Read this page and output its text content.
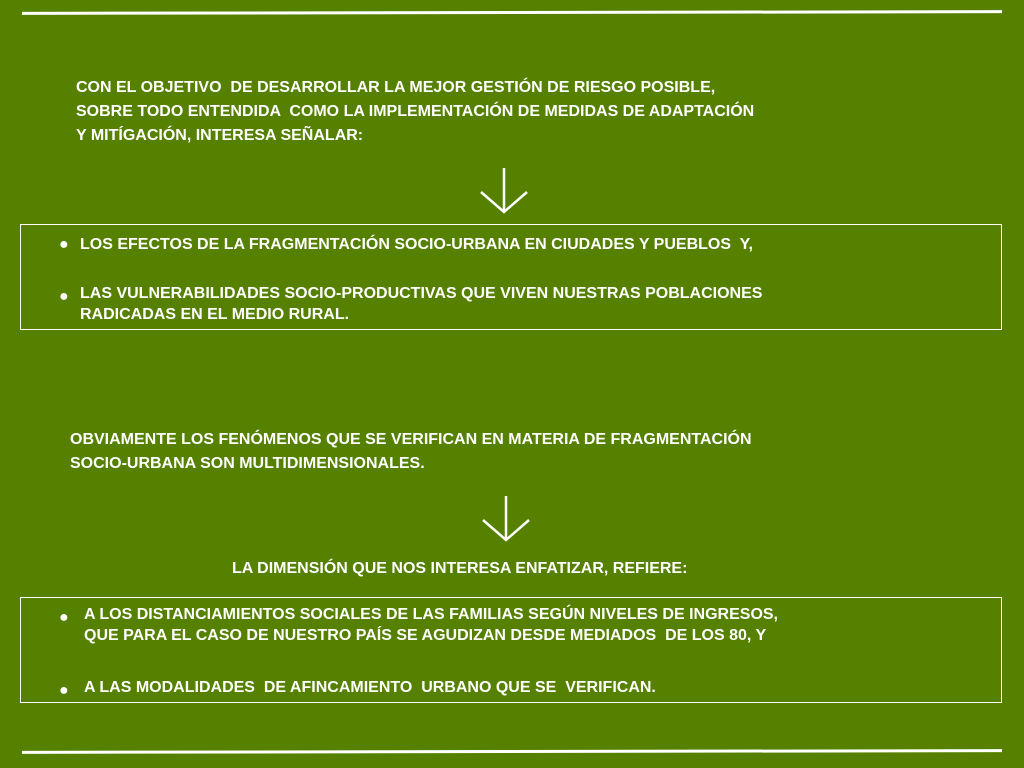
CON EL OBJETIVO  DE DESARROLLAR LA MEJOR GESTIÓN DE RIESGO POSIBLE,
SOBRE TODO ENTENDIDA  COMO LA IMPLEMENTACIÓN DE MEDIDAS DE ADAPTACIÓN
Y MITÍGACIÓN, INTERESA SEÑALAR:

● LOS EFECTOS DE LA FRAGMENTACIÓN SOCIO-URBANA EN CIUDADES Y PUEBLOS  Y,
● LAS VULNERABILIDADES SOCIO-PRODUCTIVAS QUE VIVEN NUESTRAS POBLACIONES
RADICADAS EN EL MEDIO RURAL.

OBVIAMENTE LOS FENÓMENOS QUE SE VERIFICAN EN MATERIA DE FRAGMENTACIÓN
SOCIO-URBANA SON MULTIDIMENSIONALES.

LA DIMENSIÓN QUE NOS INTERESA ENFATIZAR, REFIERE:

● A LOS DISTANCIAMIENTOS SOCIALES DE LAS FAMILIAS SEGÚN NIVELES DE INGRESOS,
QUE PARA EL CASO DE NUESTRO PAÍS SE AGUDIZAN DESDE MEDIADOS  DE LOS 80, Y
● A LAS MODALIDADES  DE AFINCAMIENTO  URBANO QUE SE  VERIFICAN.
